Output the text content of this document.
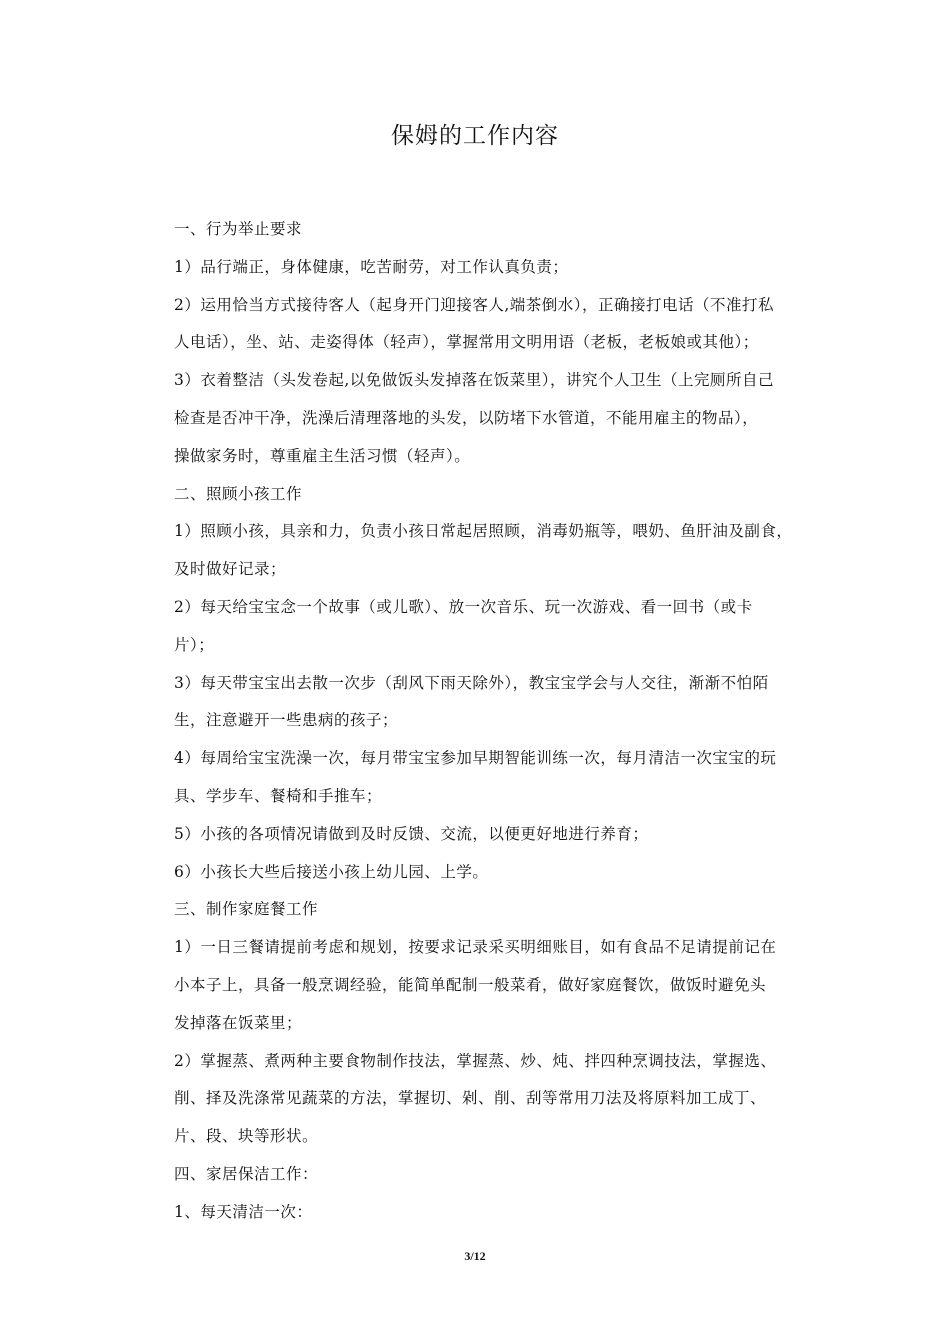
保姆的工作内容
一、行为举止要求
1）品行端正，身体健康，吃苦耐劳，对工作认真负责；
2）运用恰当方式接待客人（起身开门迎接客人,端茶倒水），正确接打电话（不准打私
人电话），坐、站、走姿得体（轻声），掌握常用文明用语（老板，老板娘或其他）；
3）衣着整洁（头发卷起,以免做饭头发掉落在饭菜里），讲究个人卫生（上完厕所自己
检查是否冲干净，洗澡后清理落地的头发，以防堵下水管道，不能用雇主的物品），
操做家务时，尊重雇主生活习惯（轻声）。
二、照顾小孩工作
1）照顾小孩，具亲和力，负责小孩日常起居照顾，消毒奶瓶等，喂奶、鱼肝油及副食，
及时做好记录；
2）每天给宝宝念一个故事（或儿歌）、放一次音乐、玩一次游戏、看一回书（或卡
片）；
3）每天带宝宝出去散一次步（刮风下雨天除外），教宝宝学会与人交往，渐渐不怕陌
生，注意避开一些患病的孩子；
4）每周给宝宝洗澡一次，每月带宝宝参加早期智能训练一次，每月清洁一次宝宝的玩
具、学步车、餐椅和手推车；
5）小孩的各项情况请做到及时反馈、交流，以便更好地进行养育；
6）小孩长大些后接送小孩上幼儿园、上学。
三、制作家庭餐工作
1）一日三餐请提前考虑和规划，按要求记录采买明细账目，如有食品不足请提前记在
小本子上，具备一般烹调经验，能简单配制一般菜肴，做好家庭餐饮，做饭时避免头
发掉落在饭菜里；
2）掌握蒸、煮两种主要食物制作技法，掌握蒸、炒、炖、拌四种烹调技法，掌握选、
削、择及洗涤常见蔬菜的方法，掌握切、剁、削、刮等常用刀法及将原料加工成丁、
片、段、块等形状。
四、家居保洁工作：
1、每天清洁一次：
3/12
